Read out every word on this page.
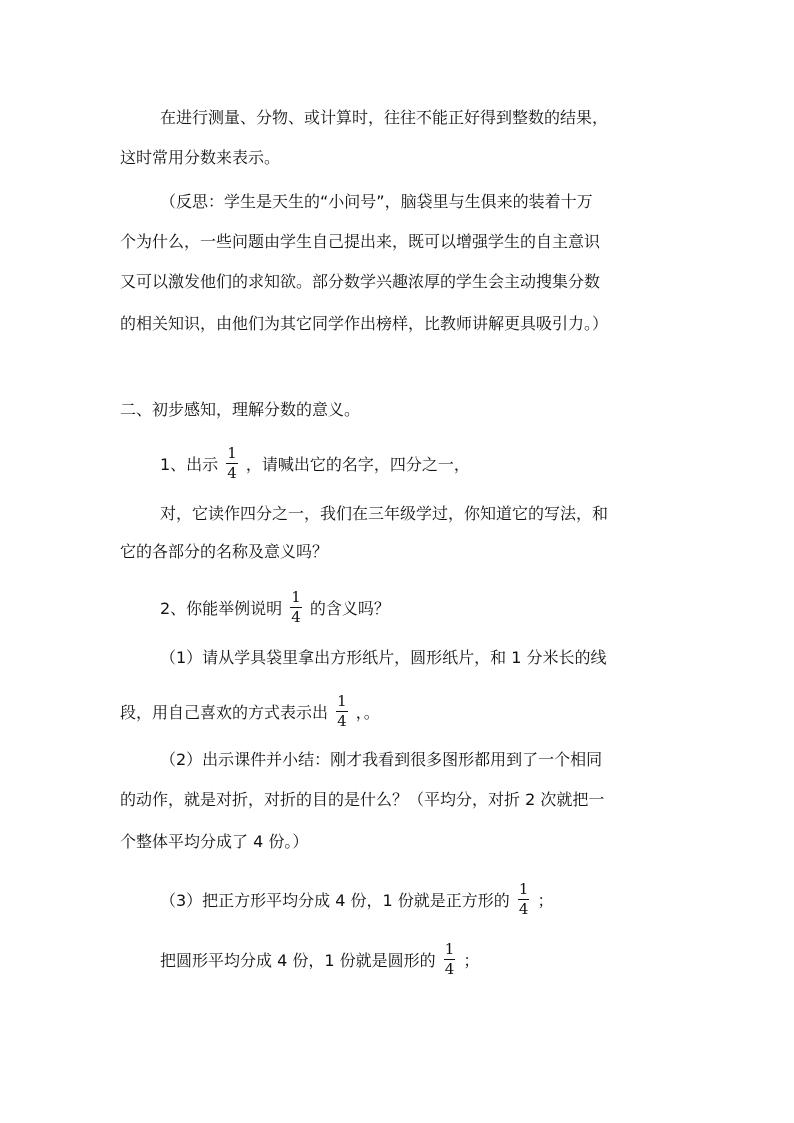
在进行测量、分物、或计算时，往往不能正好得到整数的结果，
这时常用分数来表示。
（反思：学生是天生的“小问号”，脑袋里与生俱来的装着十万
个为什么，一些问题由学生自己提出来，既可以增强学生的自主意识
又可以激发他们的求知欲。部分数学兴趣浓厚的学生会主动搜集分数
的相关知识，由他们为其它同学作出榜样，比教师讲解更具吸引力。）
二、初步感知，理解分数的意义。
1、出示 $\frac{1}{4}$ ，请喊出它的名字，四分之一，
对，它读作四分之一，我们在三年级学过，你知道它的写法，和
它的各部分的名称及意义吗？
2、你能举例说明 $\frac{1}{4}$ 的含义吗？
（1）请从学具袋里拿出方形纸片，圆形纸片，和 1 分米长的线
段，用自己喜欢的方式表示出 $\frac{1}{4}$ ，。
（2）出示课件并小结：刚才我看到很多图形都用到了一个相同
的动作，就是对折，对折的目的是什么？（平均分，对折 2 次就把一
个整体平均分成了 4 份。）
（3）把正方形平均分成 4 份，1 份就是正方形的 $\frac{1}{4}$ ；
把圆形平均分成 4 份，1 份就是圆形的 $\frac{1}{4}$ ；
